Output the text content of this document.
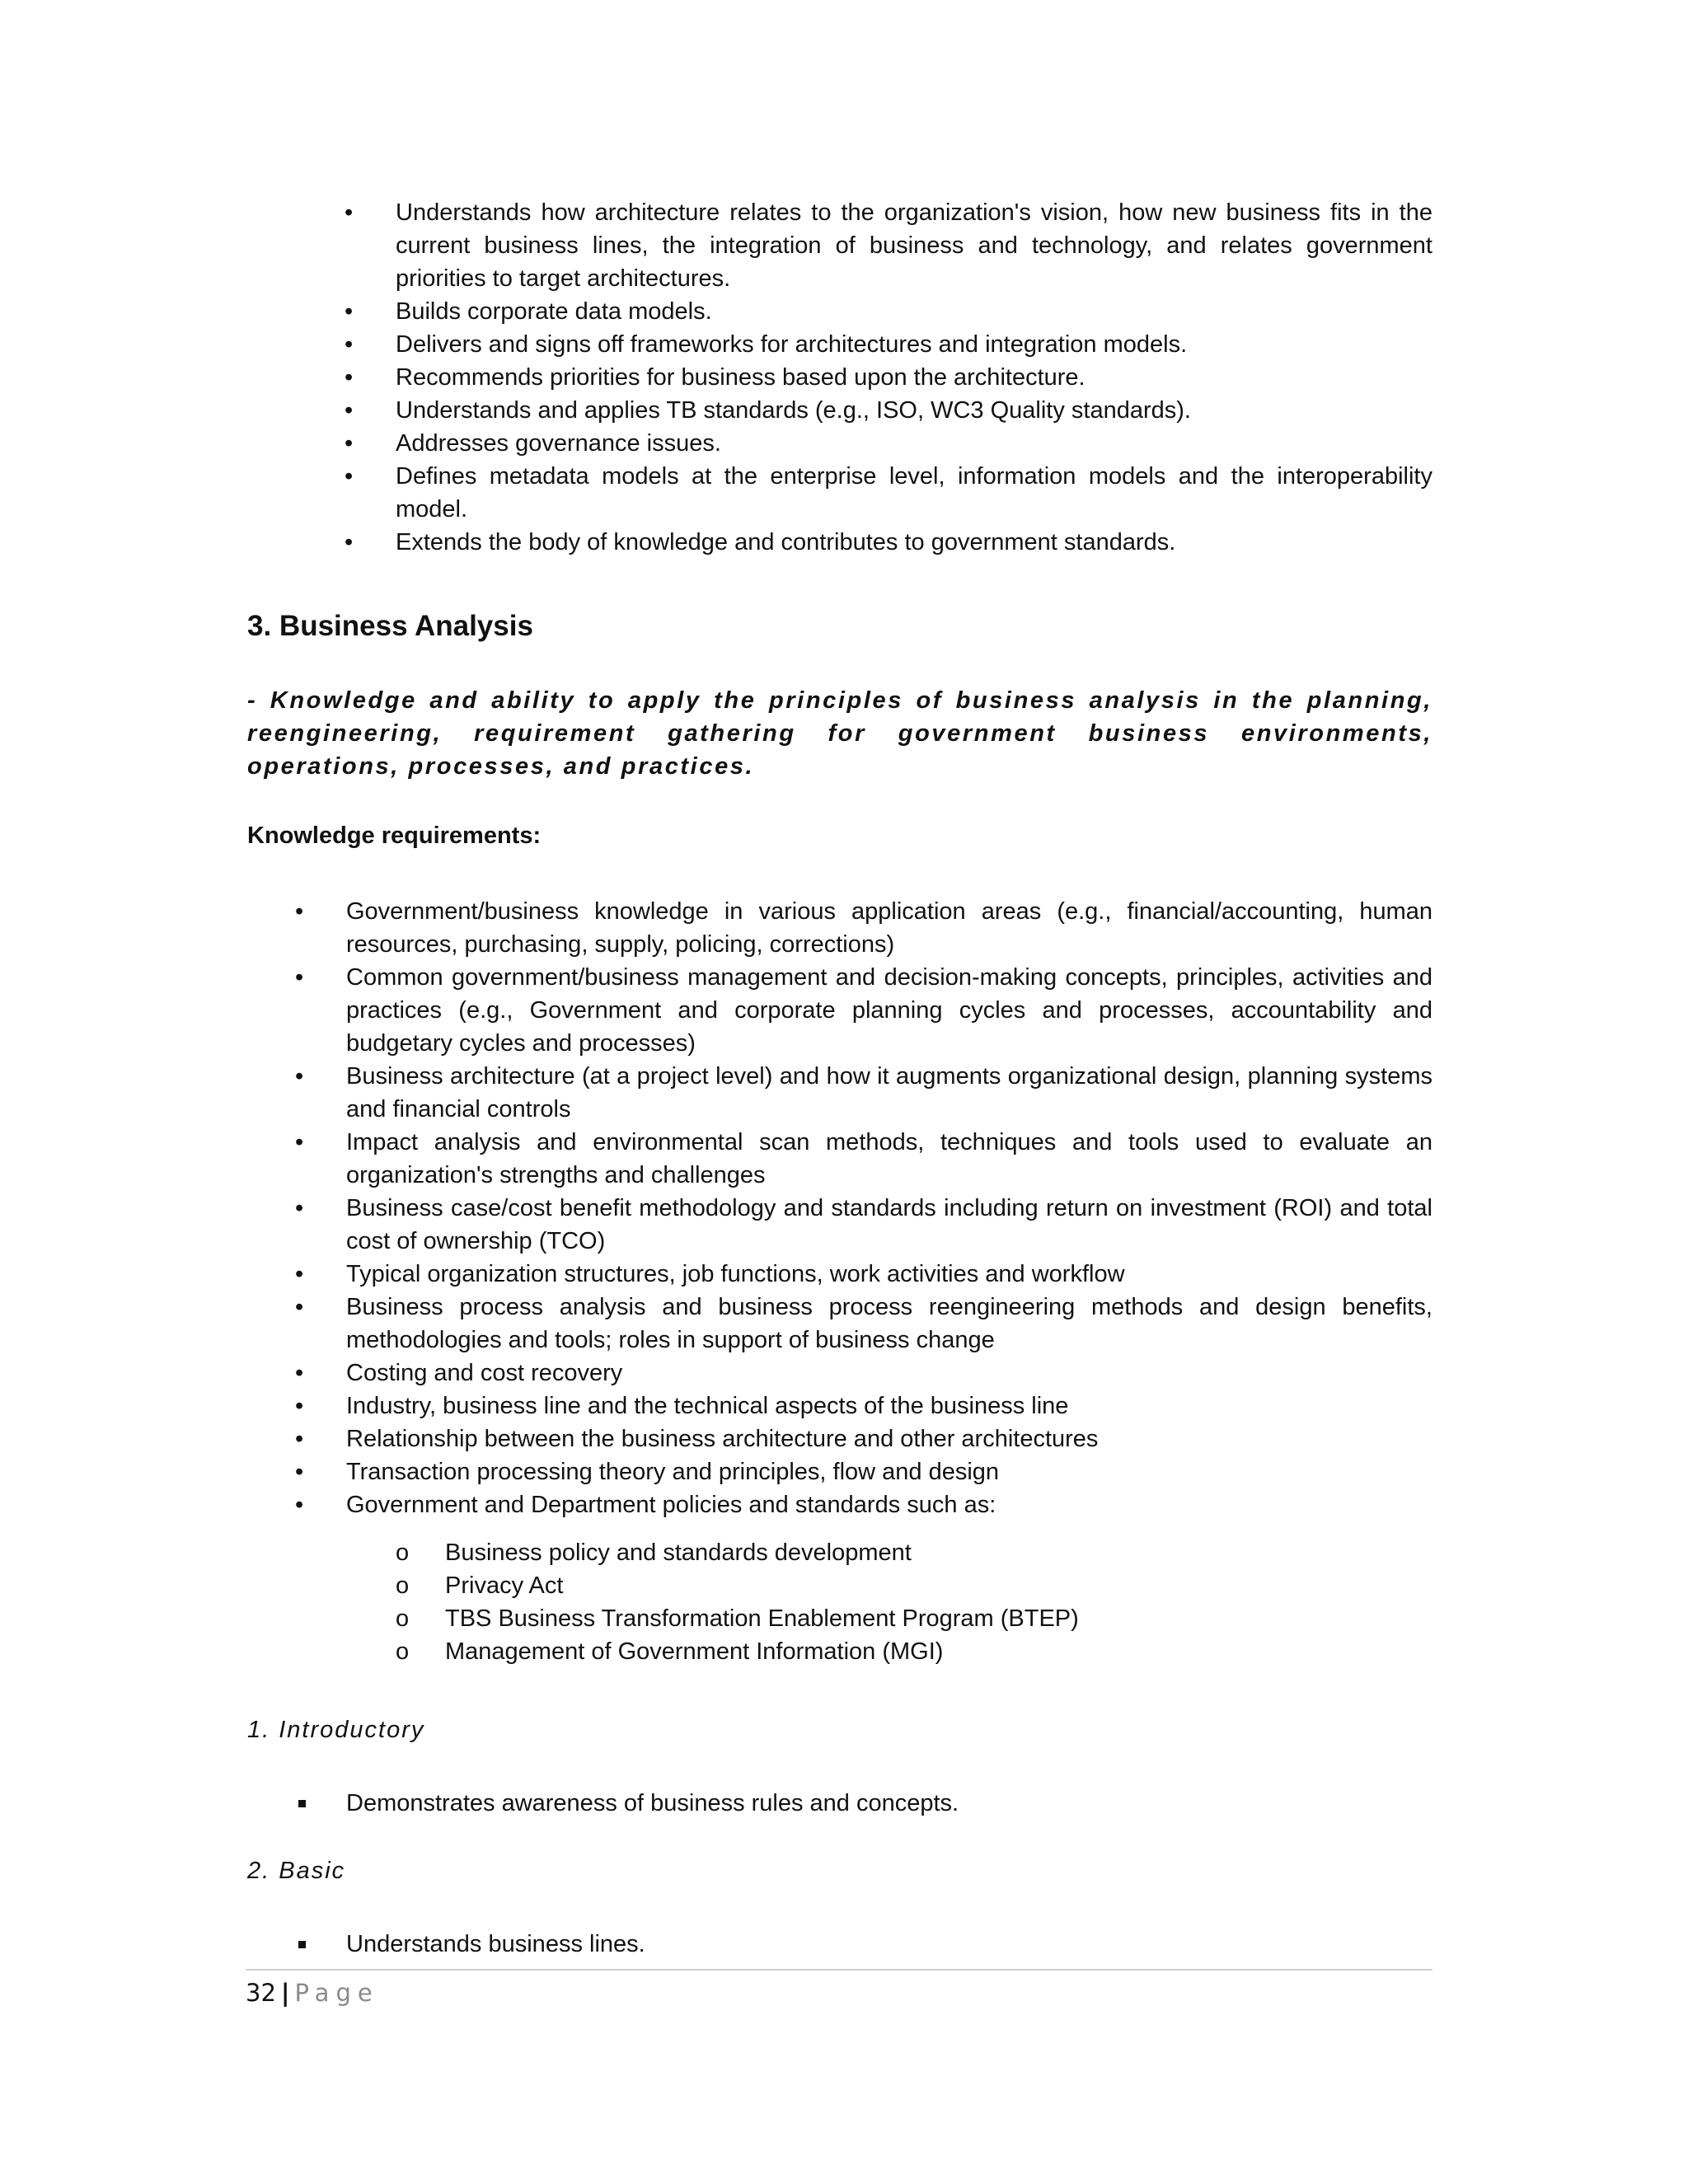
• Understands how architecture relates to the organization's vision, how new business fits in the current business lines, the integration of business and technology, and relates government priorities to target architectures.
• Builds corporate data models.
• Delivers and signs off frameworks for architectures and integration models.
• Recommends priorities for business based upon the architecture.
• Understands and applies TB standards (e.g., ISO, WC3 Quality standards).
• Addresses governance issues.
• Defines metadata models at the enterprise level, information models and the interoperability model.
• Extends the body of knowledge and contributes to government standards.
3. Business Analysis
- Knowledge and ability to apply the principles of business analysis in the planning, reengineering, requirement gathering for government business environments, operations, processes, and practices.
Knowledge requirements:
• Government/business knowledge in various application areas (e.g., financial/accounting, human resources, purchasing, supply, policing, corrections)
• Common government/business management and decision-making concepts, principles, activities and practices (e.g., Government and corporate planning cycles and processes, accountability and budgetary cycles and processes)
• Business architecture (at a project level) and how it augments organizational design, planning systems and financial controls
• Impact analysis and environmental scan methods, techniques and tools used to evaluate an organization's strengths and challenges
• Business case/cost benefit methodology and standards including return on investment (ROI) and total cost of ownership (TCO)
• Typical organization structures, job functions, work activities and workflow
• Business process analysis and business process reengineering methods and design benefits, methodologies and tools; roles in support of business change
• Costing and cost recovery
• Industry, business line and the technical aspects of the business line
• Relationship between the business architecture and other architectures
• Transaction processing theory and principles, flow and design
• Government and Department policies and standards such as:
o Business policy and standards development
o Privacy Act
o TBS Business Transformation Enablement Program (BTEP)
o Management of Government Information (MGI)
1. Introductory
Demonstrates awareness of business rules and concepts.
2. Basic
Understands business lines.
32 | Page
